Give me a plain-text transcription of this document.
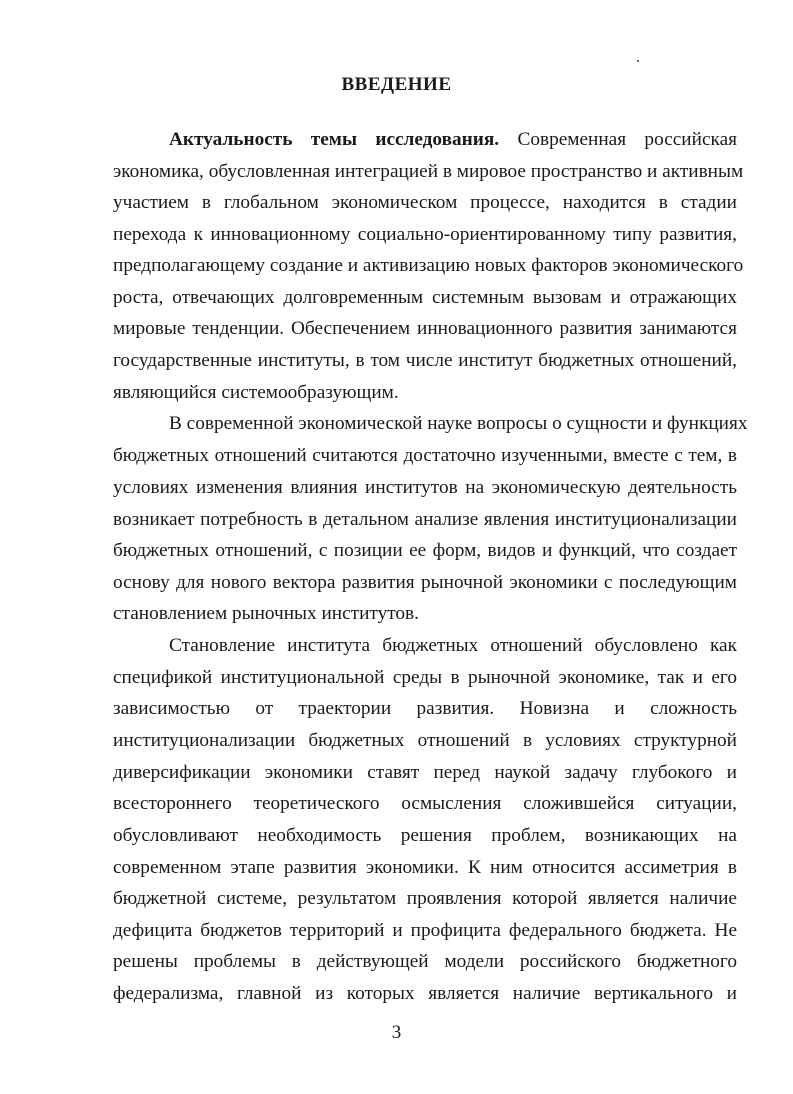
ВВЕДЕНИЕ
Актуальность темы исследования. Современная российская
экономика, обусловленная интеграцией в мировое пространство и активным
участием в глобальном экономическом процессе, находится в стадии
перехода к инновационному социально-ориентированному типу развития,
предполагающему создание и активизацию новых факторов экономического
роста, отвечающих долговременным системным вызовам и отражающих
мировые тенденции. Обеспечением инновационного развития занимаются
государственные институты, в том числе институт бюджетных отношений,
являющийся системообразующим.
В современной экономической науке вопросы о сущности и функциях
бюджетных отношений считаются достаточно изученными, вместе с тем, в
условиях изменения влияния институтов на экономическую деятельность
возникает потребность в детальном анализе явления институционализации
бюджетных отношений, с позиции ее форм, видов и функций, что создает
основу для нового вектора развития рыночной экономики с последующим
становлением рыночных институтов.
Становление института бюджетных отношений обусловлено как
спецификой институциональной среды в рыночной экономике, так и его
зависимостью от траектории развития. Новизна и сложность
институционализации бюджетных отношений в условиях структурной
диверсификации экономики ставят перед наукой задачу глубокого и
всестороннего теоретического осмысления сложившейся ситуации,
обусловливают необходимость решения проблем, возникающих на
современном этапе развития экономики. К ним относится ассиметрия в
бюджетной системе, результатом проявления которой является наличие
дефицита бюджетов территорий и профицита федерального бюджета. Не
решены проблемы в действующей модели российского бюджетного
федерализма, главной из которых является наличие вертикального и
3
